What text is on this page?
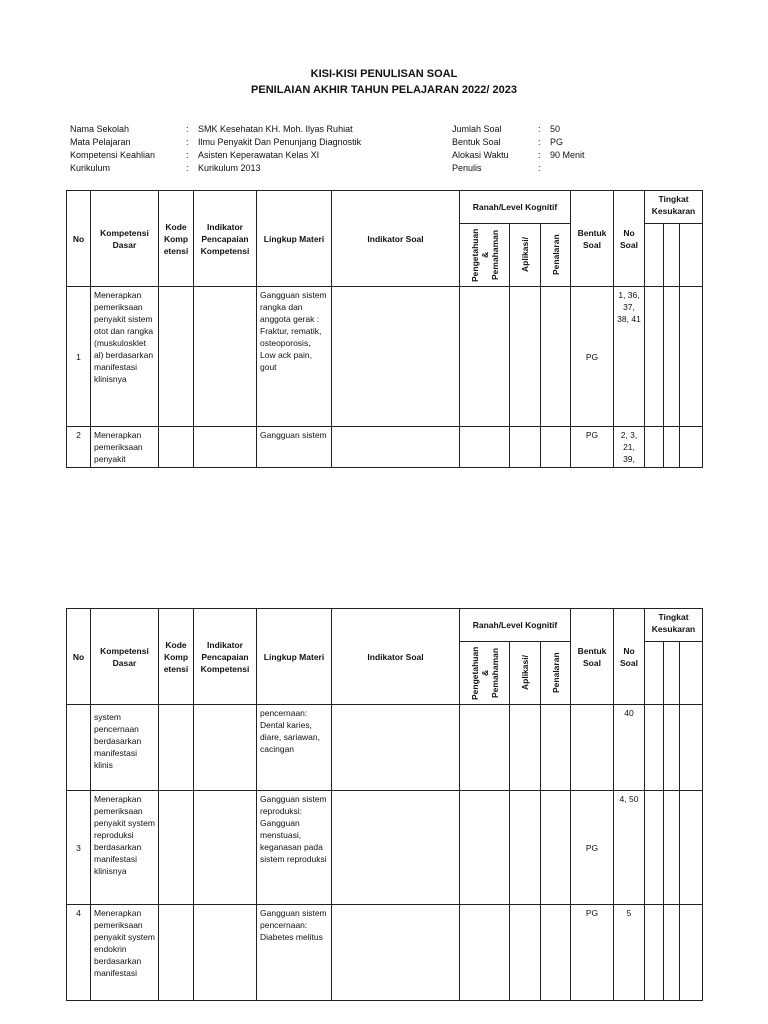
KISI-KISI PENULISAN SOAL
PENILAIAN AKHIR TAHUN PELAJARAN 2022/ 2023
Nama Sekolah	: SMK Kesehatan KH. Moh. Ilyas Ruhiat
Mata Pelajaran	: Ilmu Penyakit Dan Penunjang Diagnostik
Kompetensi Keahlian	: Asisten Keperawatan Kelas XI
Kurikulum	: Kurikulum 2013
Jumlah Soal	: 50
Bentuk Soal	: PG
Alokasi Waktu	: 90 Menit
Penulis	:
No	Kompetensi Dasar	Kode Komp etensi	Indikator Pencapaian Kompetensi	Lingkup Materi	Indikator Soal	Ranah/Level Kognitif			Bentuk Soal	No Soal	Tingkat Kesukaran		

						Pengetahuan & Pemahaman	Aplikasi/	Penalaran					

1	Menerapkan pemeriksaan penyakit sistem otot dan rangka (muskulosklet al) berdasarkan manifestasi klinisnya			Gangguan sistem rangka dan anggota gerak : Fraktur, rematik, osteoporosis, Low ack pain, gout					PG	1, 36, 37, 38, 41			
2	Menerapkan pemeriksaan penyakit			Gangguan sistem					PG	2, 3, 21, 39,			
No	Kompetensi Dasar	Kode Komp etensi	Indikator Pencapaian Kompetensi	Lingkup Materi	Indikator Soal	Ranah/Level Kognitif			Bentuk Soal	No Soal	Tingkat Kesukaran		

						Pengetahuan & Pemahaman	Aplikasi/	Penalaran					

	system pencernaan berdasarkan manifestasi klinis			pencernaan: Dental karies, diare, sariawan, cacingan						40			
3	Menerapkan pemeriksaan penyakit system reproduksi berdasarkan manifestasi klinisnya			Gangguan sistem reproduksi: Gangguan menstuasi, keganasan pada sistem reproduksi					PG	4, 50			
4	Menerapkan pemeriksaan penyakit system endokrin berdasarkan manifestasi			Gangguan sistem pencernaan: Diabetes melitus					PG	5			
